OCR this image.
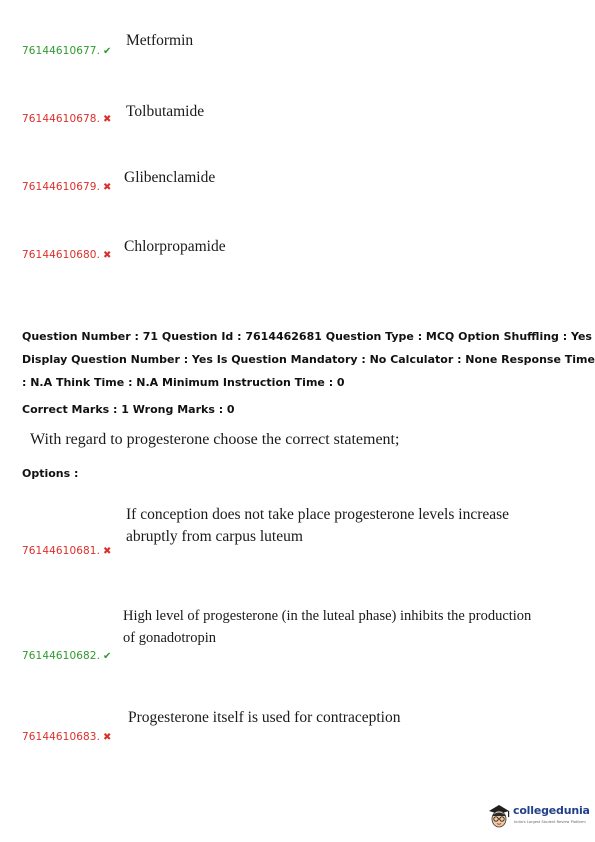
76144610677. ✔
Metformin
76144610678. ✖ Tolbutamide
76144610679. ✖
Glibenclamide
76144610680. ✖
Chlorpropamide
Question Number : 71 Question Id : 7614462681 Question Type : MCQ Option Shuffling : Yes
Display Question Number : Yes Is Question Mandatory : No Calculator : None Response Time
: N.A Think Time : N.A Minimum Instruction Time : 0
Correct Marks : 1 Wrong Marks : 0
With regard to progesterone choose the correct statement;
Options :
If conception does not take place progesterone levels increase
abruptly from carpus luteum
76144610681. ✖
High level of progesterone (in the luteal phase) inhibits the production
of gonadotropin
76144610682. ✔
Progesterone itself is used for contraception
76144610683. ✖
collegedunia
India's Largest Student Review Platform
